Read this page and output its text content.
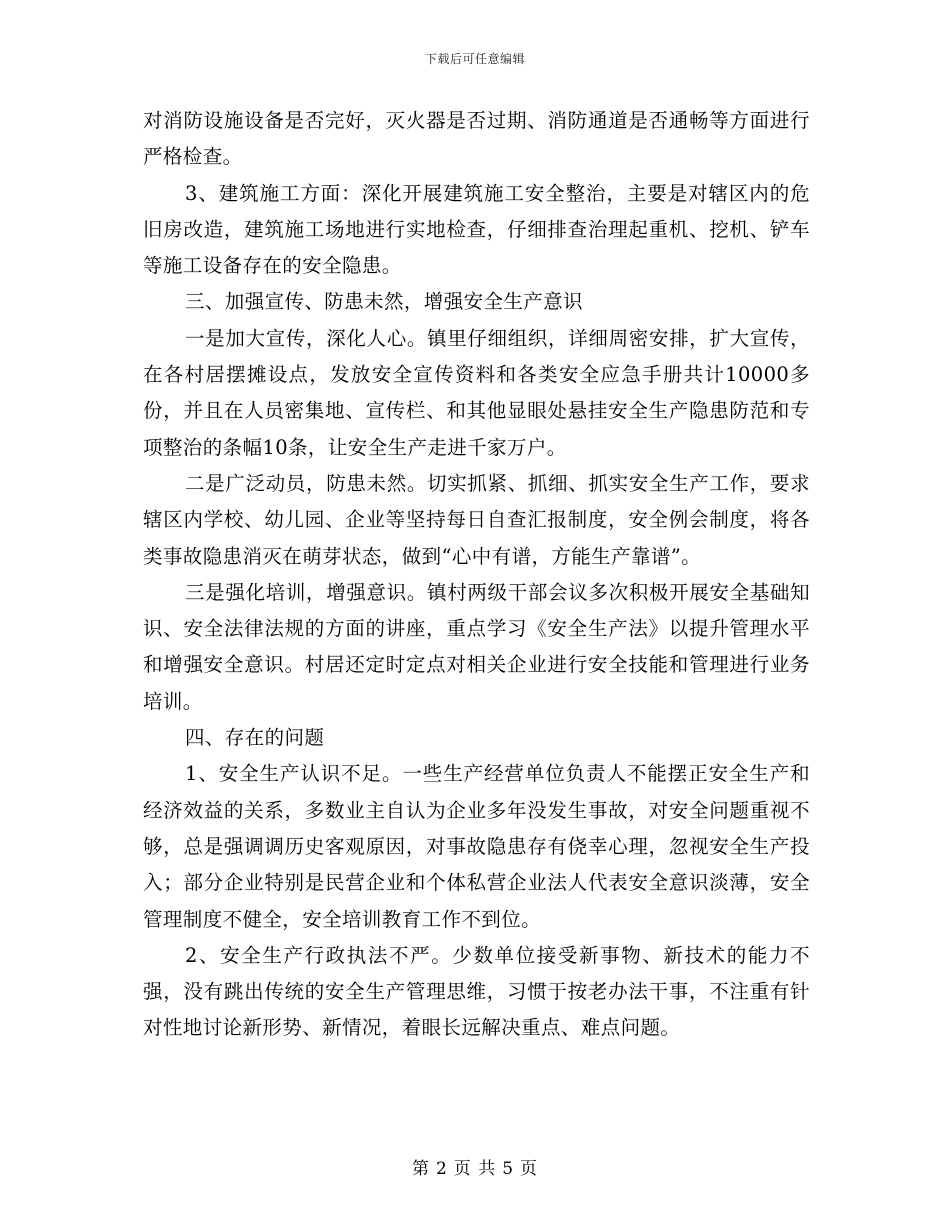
下载后可任意编辑

对消防设施设备是否完好，灭火器是否过期、消防通道是否通畅等方面进行严格检查。

3、建筑施工方面：深化开展建筑施工安全整治，主要是对辖区内的危旧房改造，建筑施工场地进行实地检查，仔细排查治理起重机、挖机、铲车等施工设备存在的安全隐患。

三、加强宣传、防患未然，增强安全生产意识

一是加大宣传，深化人心。镇里仔细组织，详细周密安排，扩大宣传，在各村居摆摊设点，发放安全宣传资料和各类安全应急手册共计10000多份，并且在人员密集地、宣传栏、和其他显眼处悬挂安全生产隐患防范和专项整治的条幅10条，让安全生产走进千家万户。

二是广泛动员，防患未然。切实抓紧、抓细、抓实安全生产工作，要求辖区内学校、幼儿园、企业等坚持每日自查汇报制度，安全例会制度，将各类事故隐患消灭在萌芽状态，做到“心中有谱，方能生产靠谱”。

三是强化培训，增强意识。镇村两级干部会议多次积极开展安全基础知识、安全法律法规的方面的讲座，重点学习《安全生产法》以提升管理水平和增强安全意识。村居还定时定点对相关企业进行安全技能和管理进行业务培训。

四、存在的问题

1、安全生产认识不足。一些生产经营单位负责人不能摆正安全生产和经济效益的关系，多数业主自认为企业多年没发生事故，对安全问题重视不够，总是强调调历史客观原因，对事故隐患存有侥幸心理，忽视安全生产投入；部分企业特别是民营企业和个体私营企业法人代表安全意识淡薄，安全管理制度不健全，安全培训教育工作不到位。

2、安全生产行政执法不严。少数单位接受新事物、新技术的能力不强，没有跳出传统的安全生产管理思维，习惯于按老办法干事，不注重有针对性地讨论新形势、新情况，着眼长远解决重点、难点问题。

第 2 页 共 5 页
